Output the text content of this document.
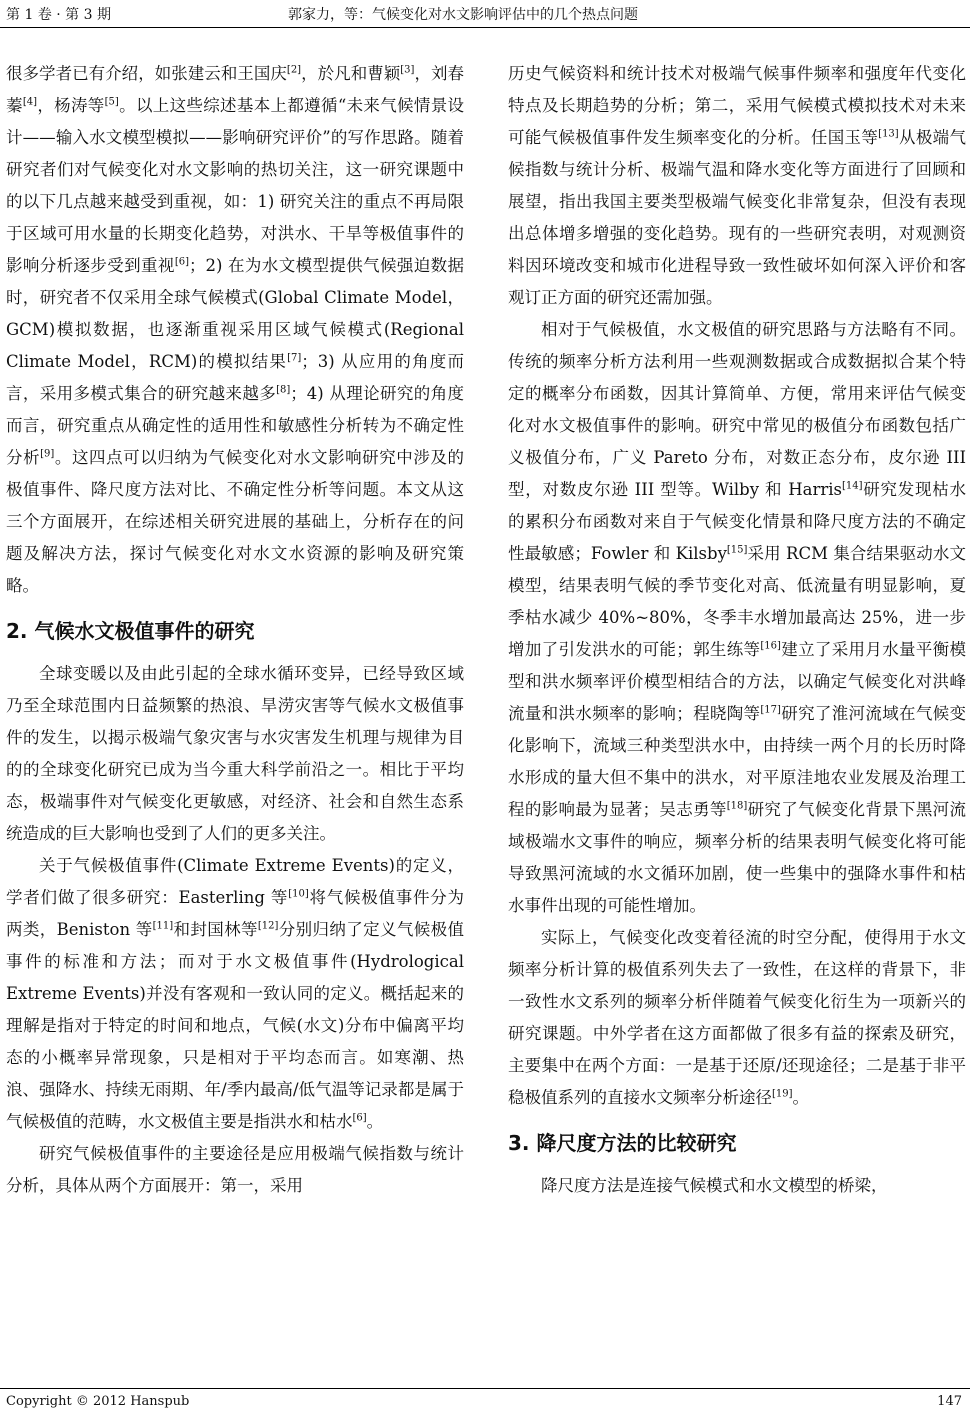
第 1 卷 · 第 3 期	郭家力，等：气候变化对水文影响评估中的几个热点问题

很多学者已有介绍，如张建云和王国庆[2]，於凡和曹颖[3]，刘春蓁[4]，杨涛等[5]。以上这些综述基本上都遵循“未来气候情景设计——输入水文模型模拟——影响研究评价”的写作思路。随着研究者们对气候变化对水文影响的热切关注，这一研究课题中的以下几点越来越受到重视，如：1) 研究关注的重点不再局限于区域可用水量的长期变化趋势，对洪水、干旱等极值事件的影响分析逐步受到重视[6]；2) 在为水文模型提供气候强迫数据时，研究者不仅采用全球气候模式(Global Climate Model，GCM)模拟数据，也逐渐重视采用区域气候模式(Regional Climate Model，RCM)的模拟结果[7]；3) 从应用的角度而言，采用多模式集合的研究越来越多[8]；4) 从理论研究的角度而言，研究重点从确定性的适用性和敏感性分析转为不确定性分析[9]。这四点可以归纳为气候变化对水文影响研究中涉及的极值事件、降尺度方法对比、不确定性分析等问题。本文从这三个方面展开，在综述相关研究进展的基础上，分析存在的问题及解决方法，探讨气候变化对水文水资源的影响及研究策略。

2. 气候水文极值事件的研究

全球变暖以及由此引起的全球水循环变异，已经导致区域乃至全球范围内日益频繁的热浪、旱涝灾害等气候水文极值事件的发生，以揭示极端气象灾害与水灾害发生机理与规律为目的的全球变化研究已成为当今重大科学前沿之一。相比于平均态，极端事件对气候变化更敏感，对经济、社会和自然生态系统造成的巨大影响也受到了人们的更多关注。

关于气候极值事件(Climate Extreme Events)的定义，学者们做了很多研究：Easterling 等[10]将气候极值事件分为两类，Beniston 等[11]和封国林等[12]分别归纳了定义气候极值事件的标准和方法；而对于水文极值事件(Hydrological Extreme Events)并没有客观和一致认同的定义。概括起来的理解是指对于特定的时间和地点，气候(水文)分布中偏离平均态的小概率异常现象，只是相对于平均态而言。如寒潮、热浪、强降水、持续无雨期、年/季内最高/低气温等记录都是属于气候极值的范畴，水文极值主要是指洪水和枯水[6]。

研究气候极值事件的主要途径是应用极端气候指数与统计分析，具体从两个方面展开：第一，采用

历史气候资料和统计技术对极端气候事件频率和强度年代变化特点及长期趋势的分析；第二，采用气候模式模拟技术对未来可能气候极值事件发生频率变化的分析。任国玉等[13]从极端气候指数与统计分析、极端气温和降水变化等方面进行了回顾和展望，指出我国主要类型极端气候变化非常复杂，但没有表现出总体增多增强的变化趋势。现有的一些研究表明，对观测资料因环境改变和城市化进程导致一致性破坏如何深入评价和客观订正方面的研究还需加强。

相对于气候极值，水文极值的研究思路与方法略有不同。传统的频率分析方法利用一些观测数据或合成数据拟合某个特定的概率分布函数，因其计算简单、方便，常用来评估气候变化对水文极值事件的影响。研究中常见的极值分布函数包括广义极值分布，广义 Pareto 分布，对数正态分布，皮尔逊 III 型，对数皮尔逊 III 型等。Wilby 和 Harris[14]研究发现枯水的累积分布函数对来自于气候变化情景和降尺度方法的不确定性最敏感；Fowler 和 Kilsby[15]采用 RCM 集合结果驱动水文模型，结果表明气候的季节变化对高、低流量有明显影响，夏季枯水减少 40%~80%，冬季丰水增加最高达 25%，进一步增加了引发洪水的可能；郭生练等[16]建立了采用月水量平衡模型和洪水频率评价模型相结合的方法，以确定气候变化对洪峰流量和洪水频率的影响；程晓陶等[17]研究了淮河流域在气候变化影响下，流域三种类型洪水中，由持续一两个月的长历时降水形成的量大但不集中的洪水，对平原洼地农业发展及治理工程的影响最为显著；吴志勇等[18]研究了气候变化背景下黑河流域极端水文事件的响应，频率分析的结果表明气候变化将可能导致黑河流域的水文循环加剧，使一些集中的强降水事件和枯水事件出现的可能性增加。

实际上，气候变化改变着径流的时空分配，使得用于水文频率分析计算的极值系列失去了一致性，在这样的背景下，非一致性水文系列的频率分析伴随着气候变化衍生为一项新兴的研究课题。中外学者在这方面都做了很多有益的探索及研究，主要集中在两个方面：一是基于还原/还现途径；二是基于非平稳极值系列的直接水文频率分析途径[19]。

3. 降尺度方法的比较研究

降尺度方法是连接气候模式和水文模型的桥梁，

Copyright © 2012 Hanspub	147
